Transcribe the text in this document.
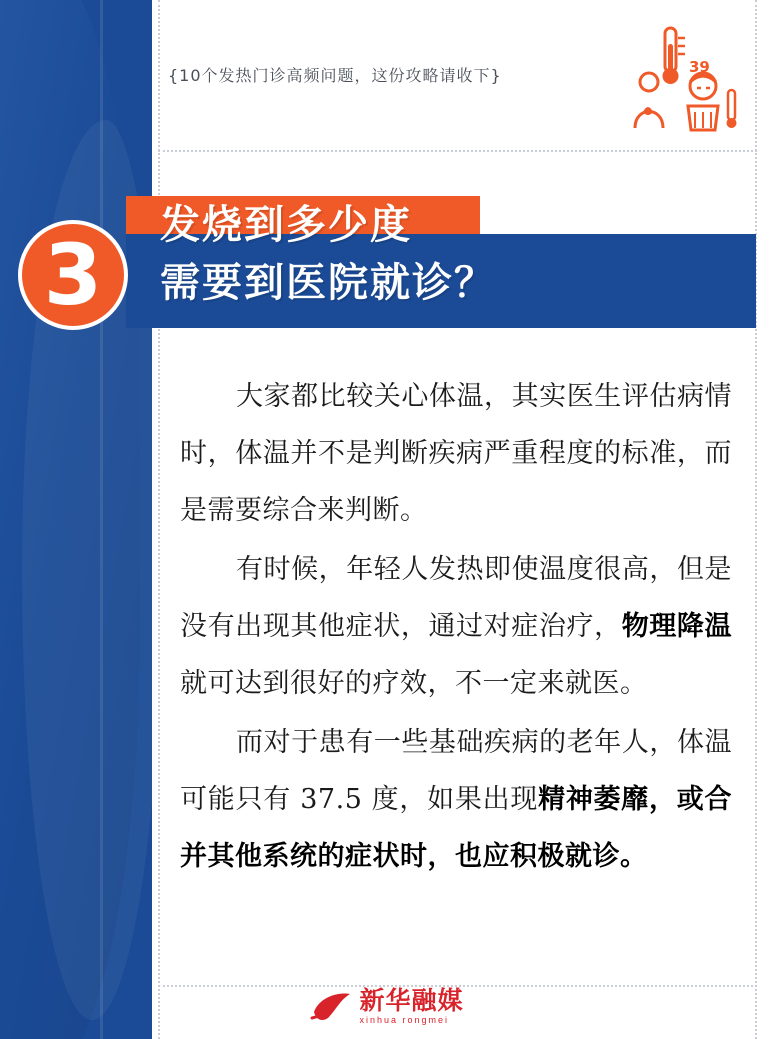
{10个发热门诊高频问题，这份攻略请收下}	39
发烧到多少度
需要到医院就诊？
3

大家都比较关心体温，其实医生评估病情时，体温并不是判断疾病严重程度的标准，而是需要综合来判断。

有时候，年轻人发热即使温度很高，但是没有出现其他症状，通过对症治疗，物理降温就可达到很好的疗效，不一定来就医。

而对于患有一些基础疾病的老年人，体温可能只有 37.5 度，如果出现精神萎靡，或合并其他系统的症状时，也应积极就诊。

新华融媒
xinhua rongmei
